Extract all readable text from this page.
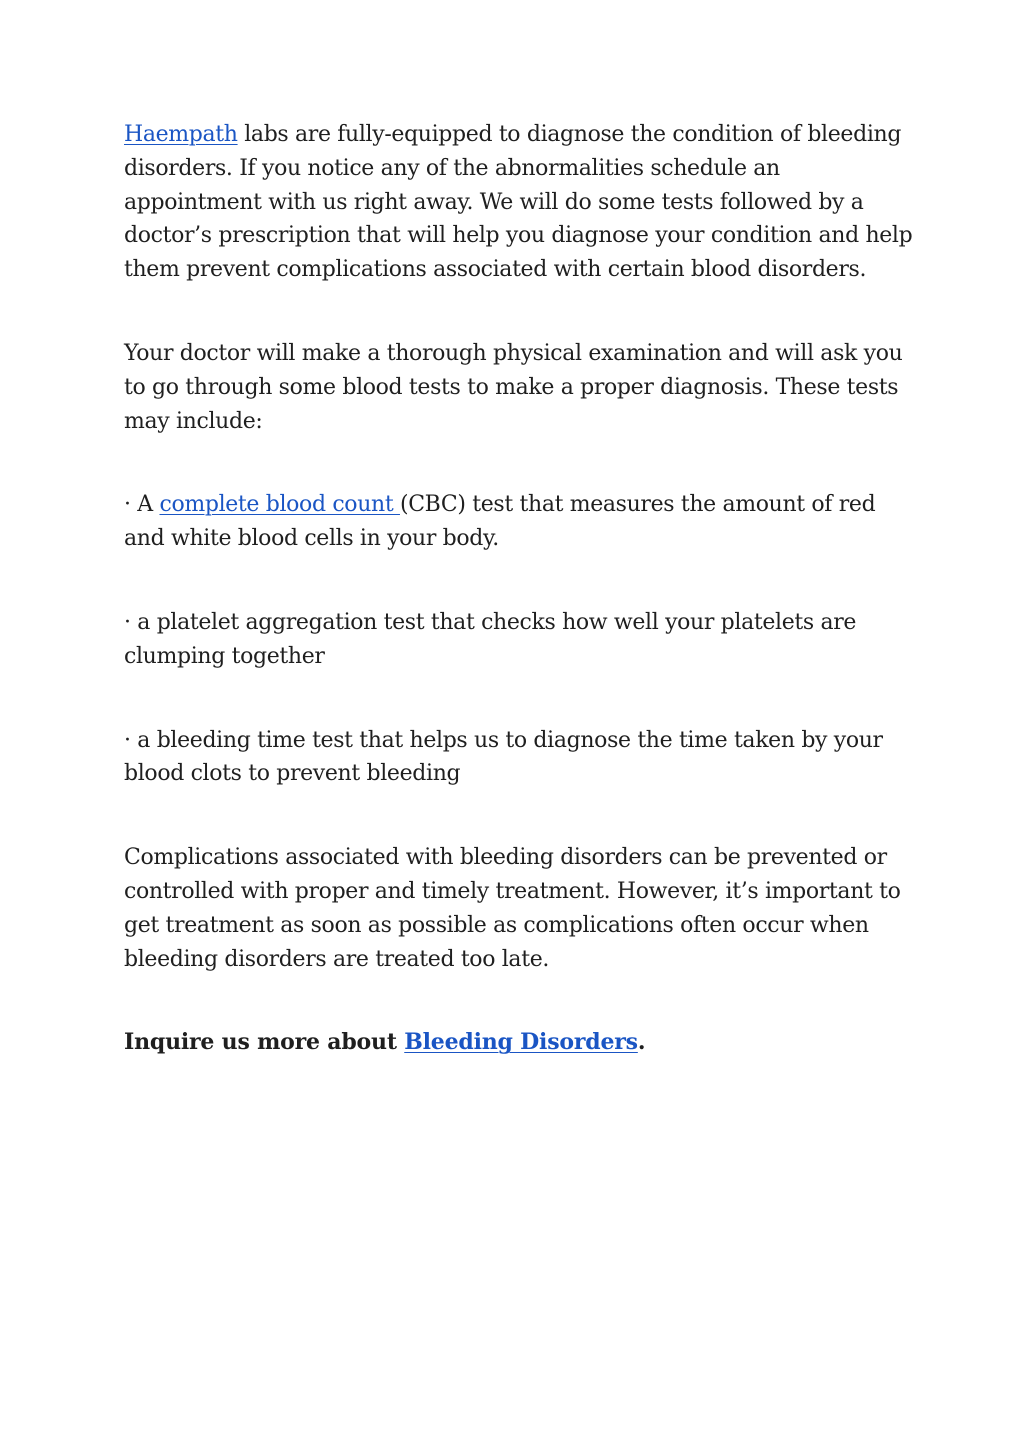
Haempath labs are fully-equipped to diagnose the condition of bleeding disorders. If you notice any of the abnormalities schedule an appointment with us right away. We will do some tests followed by a doctor’s prescription that will help you diagnose your condition and help them prevent complications associated with certain blood disorders.

Your doctor will make a thorough physical examination and will ask you to go through some blood tests to make a proper diagnosis. These tests may include:

· A complete blood count (CBC) test that measures the amount of red and white blood cells in your body.

· a platelet aggregation test that checks how well your platelets are clumping together

· a bleeding time test that helps us to diagnose the time taken by your blood clots to prevent bleeding

Complications associated with bleeding disorders can be prevented or controlled with proper and timely treatment. However, it’s important to get treatment as soon as possible as complications often occur when bleeding disorders are treated too late.

Inquire us more about Bleeding Disorders.
